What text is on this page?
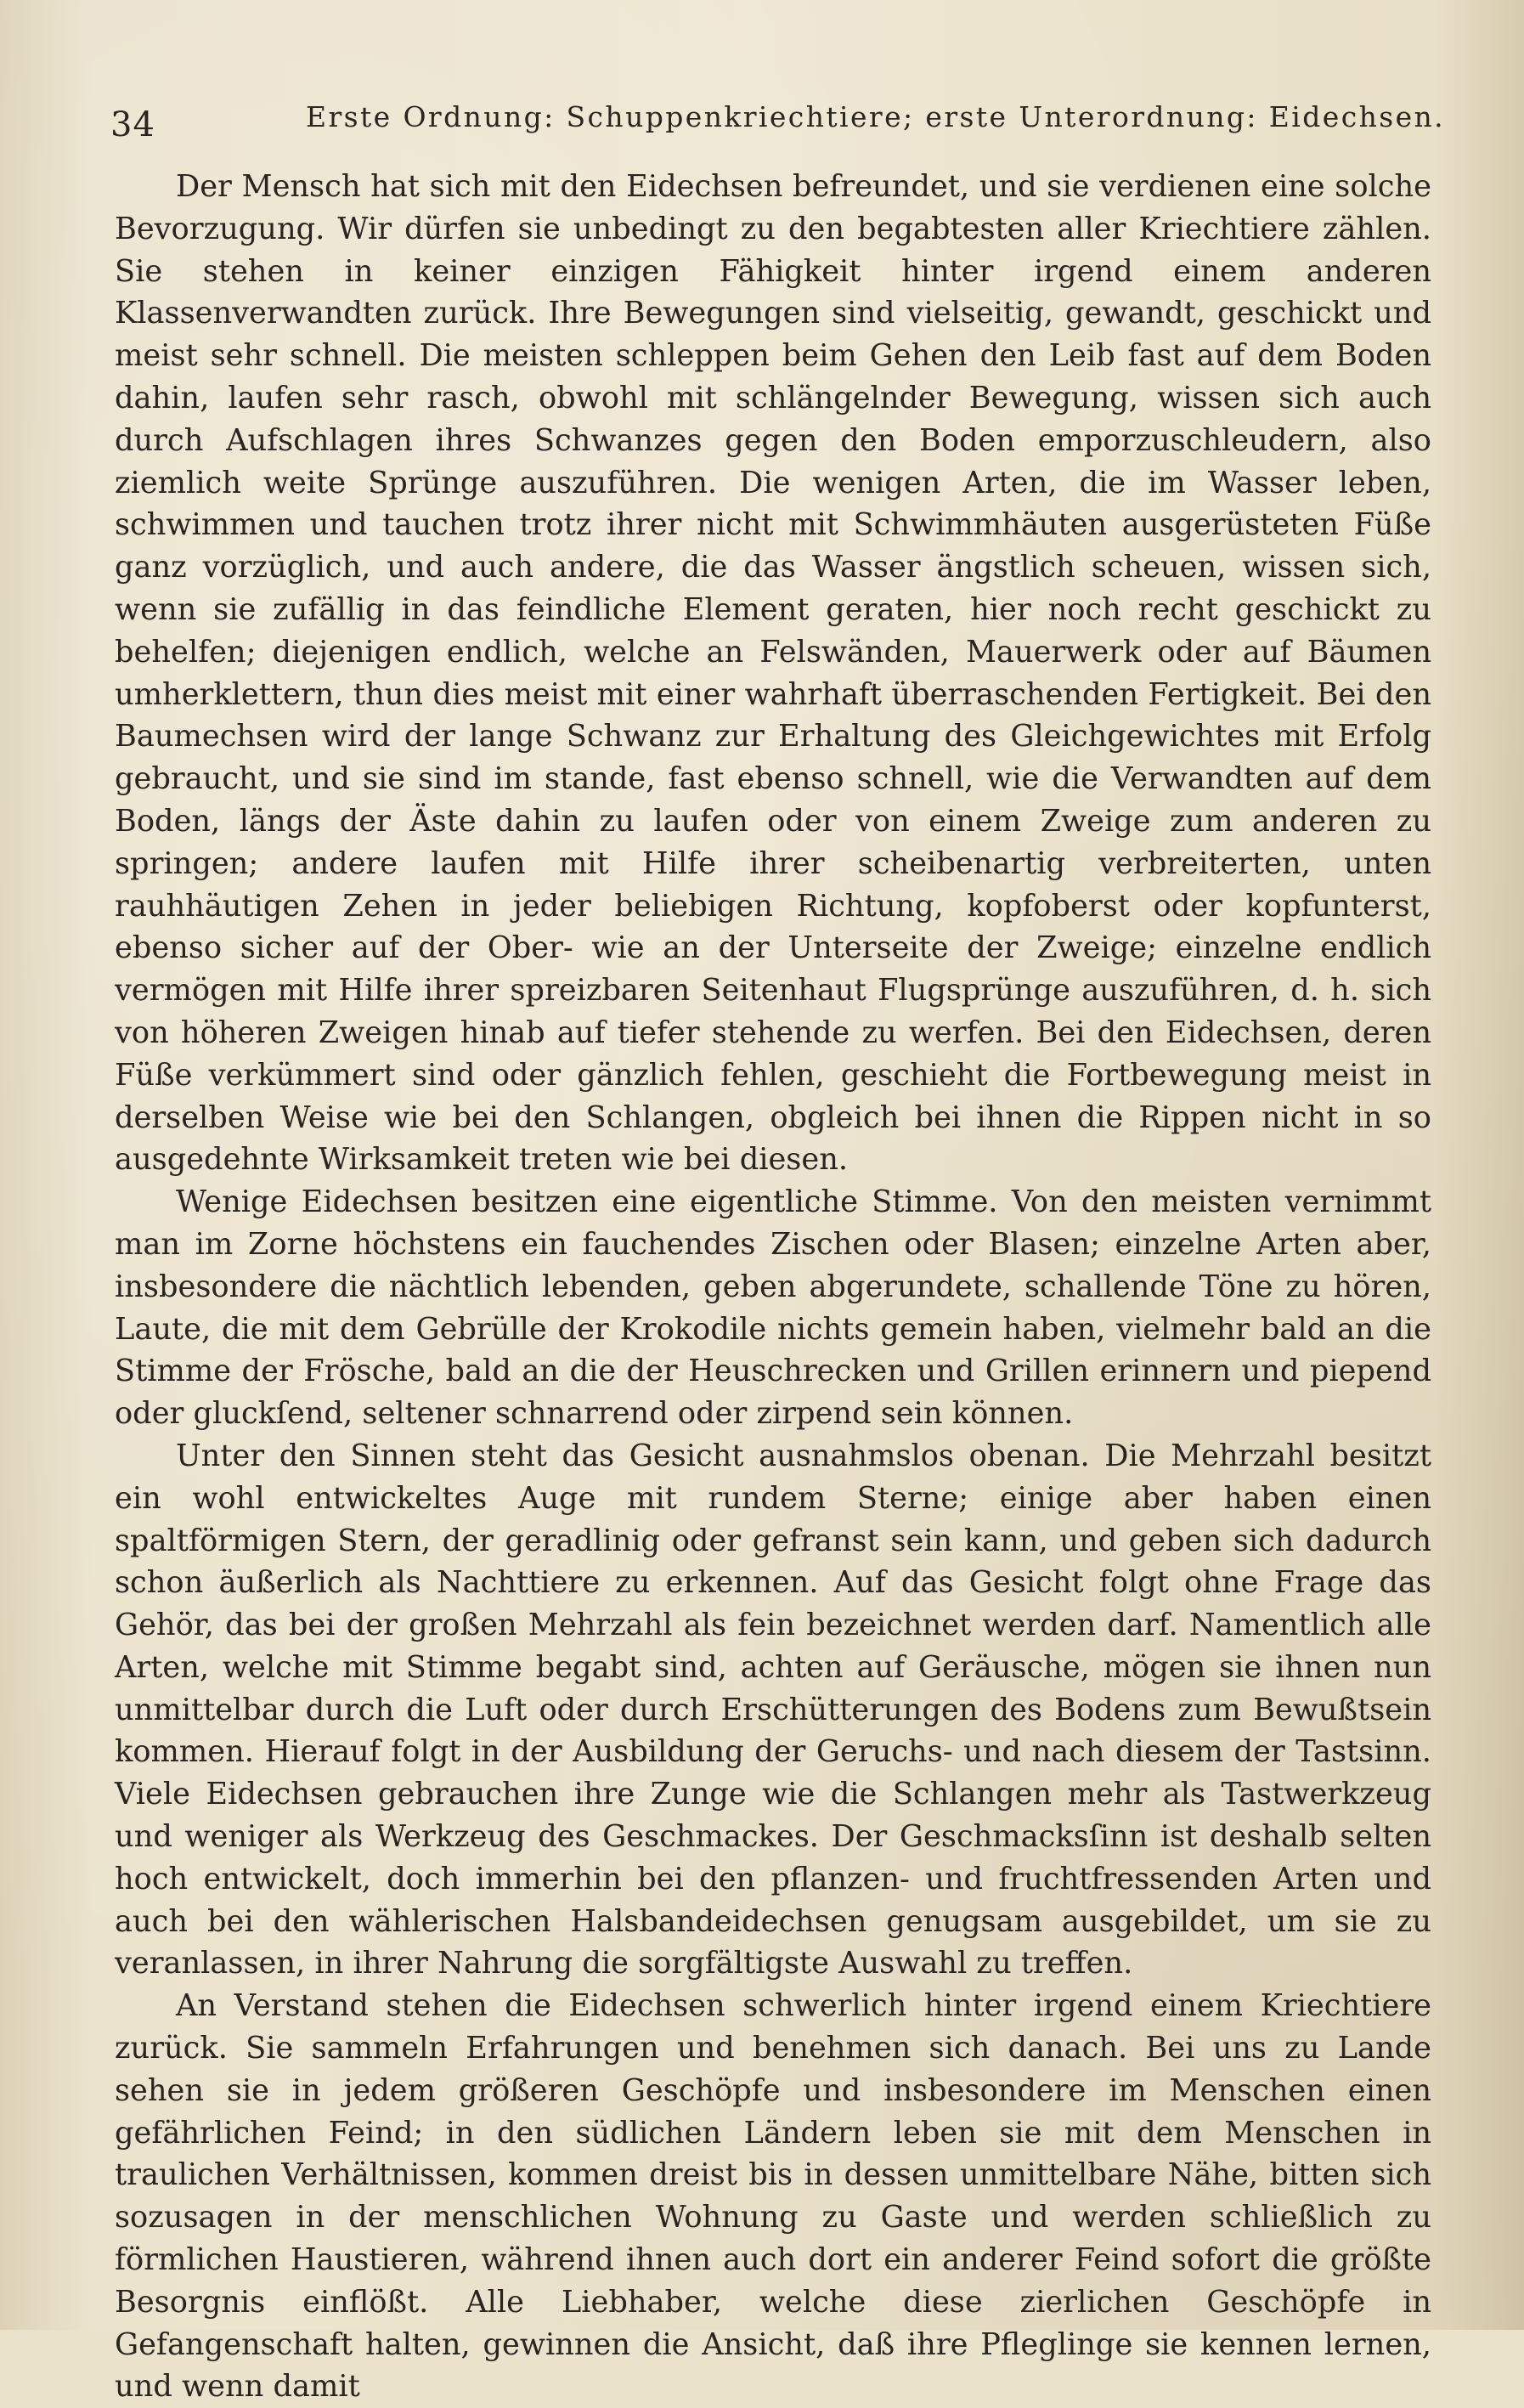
34	Erste Ordnung: Schuppenkriechtiere; erste Unterordnung: Eidechsen.

Der Mensch hat sich mit den Eidechsen befreundet, und sie verdienen eine solche Bevorzugung. Wir dürfen sie unbedingt zu den begabtesten aller Kriechtiere zählen. Sie stehen in keiner einzigen Fähigkeit hinter irgend einem anderen Klassenverwandten zurück. Ihre Bewegungen sind vielseitig, gewandt, geschickt und meist sehr schnell. Die meisten schleppen beim Gehen den Leib fast auf dem Boden dahin, laufen sehr rasch, obwohl mit schlängelnder Bewegung, wissen sich auch durch Aufschlagen ihres Schwanzes gegen den Boden emporzuschleudern, also ziemlich weite Sprünge auszuführen. Die wenigen Arten, die im Wasser leben, schwimmen und tauchen trotz ihrer nicht mit Schwimmhäuten ausgerüsteten Füße ganz vorzüglich, und auch andere, die das Wasser ängstlich scheuen, wissen sich, wenn sie zufällig in das feindliche Element geraten, hier noch recht geschickt zu behelfen; diejenigen endlich, welche an Felswänden, Mauerwerk oder auf Bäumen umherklettern, thun dies meist mit einer wahrhaft überraschenden Fertigkeit. Bei den Baumechsen wird der lange Schwanz zur Erhaltung des Gleichgewichtes mit Erfolg gebraucht, und sie sind im stande, fast ebenso schnell, wie die Verwandten auf dem Boden, längs der Äste dahin zu laufen oder von einem Zweige zum anderen zu springen; andere laufen mit Hilfe ihrer scheibenartig verbreiterten, unten rauhhäutigen Zehen in jeder beliebigen Richtung, kopfoberst oder kopfunterst, ebenso sicher auf der Ober- wie an der Unterseite der Zweige; einzelne endlich vermögen mit Hilfe ihrer spreizbaren Seitenhaut Flugsprünge auszuführen, d. h. sich von höheren Zweigen hinab auf tiefer stehende zu werfen. Bei den Eidechsen, deren Füße verkümmert sind oder gänzlich fehlen, geschieht die Fortbewegung meist in derselben Weise wie bei den Schlangen, obgleich bei ihnen die Rippen nicht in so ausgedehnte Wirksamkeit treten wie bei diesen.

Wenige Eidechsen besitzen eine eigentliche Stimme. Von den meisten vernimmt man im Zorne höchstens ein fauchendes Zischen oder Blasen; einzelne Arten aber, insbesondere die nächtlich lebenden, geben abgerundete, schallende Töne zu hören, Laute, die mit dem Gebrülle der Krokodile nichts gemein haben, vielmehr bald an die Stimme der Frösche, bald an die der Heuschrecken und Grillen erinnern und piepend oder gluckſend, seltener schnarrend oder zirpend sein können.

Unter den Sinnen steht das Gesicht ausnahmslos obenan. Die Mehrzahl besitzt ein wohl entwickeltes Auge mit rundem Sterne; einige aber haben einen spaltförmigen Stern, der geradlinig oder gefranst sein kann, und geben sich dadurch schon äußerlich als Nachttiere zu erkennen. Auf das Gesicht folgt ohne Frage das Gehör, das bei der großen Mehrzahl als fein bezeichnet werden darf. Namentlich alle Arten, welche mit Stimme begabt sind, achten auf Geräusche, mögen sie ihnen nun unmittelbar durch die Luft oder durch Erschütterungen des Bodens zum Bewußtsein kommen. Hierauf folgt in der Ausbildung der Geruchs- und nach diesem der Tastsinn. Viele Eidechsen gebrauchen ihre Zunge wie die Schlangen mehr als Tastwerkzeug und weniger als Werkzeug des Geschmackes. Der Geschmacksſinn ist deshalb selten hoch entwickelt, doch immerhin bei den pflanzen- und fruchtfressenden Arten und auch bei den wählerischen Halsbandeidechsen genugsam ausgebildet, um sie zu veranlassen, in ihrer Nahrung die sorgfältigste Auswahl zu treffen.

An Verstand stehen die Eidechsen schwerlich hinter irgend einem Kriechtiere zurück. Sie sammeln Erfahrungen und benehmen sich danach. Bei uns zu Lande sehen sie in jedem größeren Geschöpfe und insbesondere im Menschen einen gefährlichen Feind; in den südlichen Ländern leben sie mit dem Menschen in traulichen Verhältnissen, kommen dreist bis in dessen unmittelbare Nähe, bitten sich sozusagen in der menschlichen Wohnung zu Gaste und werden schließlich zu förmlichen Haustieren, während ihnen auch dort ein anderer Feind sofort die größte Besorgnis einflößt. Alle Liebhaber, welche diese zierlichen Geschöpfe in Gefangenschaft halten, gewinnen die Ansicht, daß ihre Pfleglinge sie kennen lernen, und wenn damit
